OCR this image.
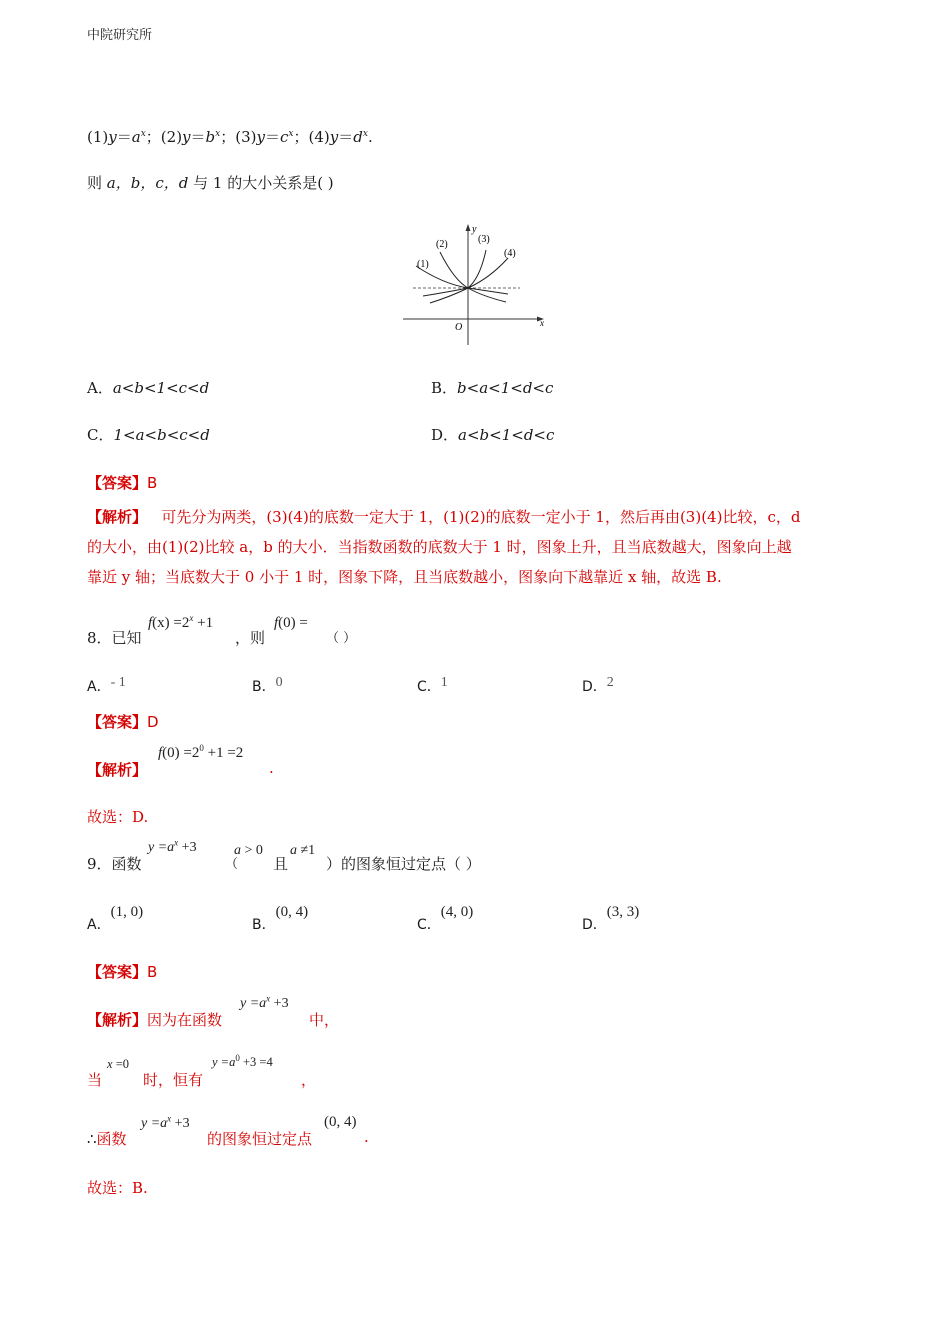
中院研究所
$(1)y=a^x$；$(2)y=b^x$；$(3)y=c^x$；$(4)y=d^x$.
则 a，b，c，d 与 1 的大小关系是( )
(1)
(2)	(3)
(4)
y
x
O
A．a<b<1<c<d	B．b<a<1<d<c
C．1<a<b<c<d	D．a<b<1<d<c
【答案】B
【解析】 可先分为两类，(3)(4)的底数一定大于 1，(1)(2)的底数一定小于 1，然后再由(3)(4)比较，c，d
的大小，由(1)(2)比较 a，b 的大小．当指数函数的底数大于 1 时，图象上升，且当底数越大，图象向上越
靠近 y 轴；当底数大于 0 小于 1 时，图象下降，且当底数越小，图象向下越靠近 x 轴，故选 B.
8．已知
$f(x) =2^x +1$
，则
f(0) =
（ ）
A．- 1	B．0	C．1	D．2
【答案】D
【解析】
$f(0) =2^0 +1 =2$
.
故选：D.
9．函数
$y =a^x +3$
（
a > 0
且
a ≠1
）的图象恒过定点（ ）
A．(1, 0)
B．(0, 4)
C．(4, 0)
D．(3, 3)
【答案】B
【解析】因为在函数
$y =a^x +3$
中，
当
x =0
时，恒有
$y =a^0 +3 =4$
，
∴函数
$y =a^x +3$
的图象恒过定点
(0, 4)
.
故选：B.
